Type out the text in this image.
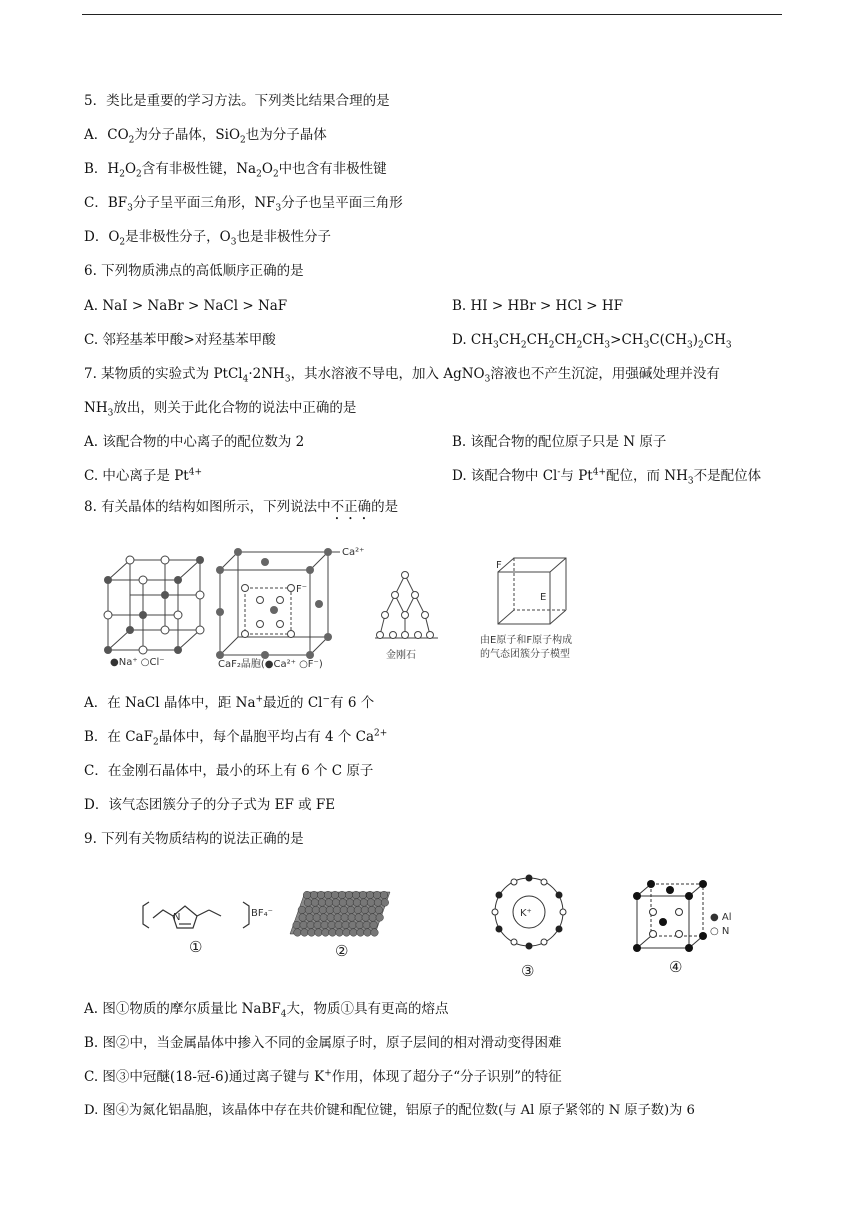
5．类比是重要的学习方法。下列类比结果合理的是
A．$CO_2$为分子晶体，SiO$_2$也为分子晶体
B．$H_2O_2$含有非极性键，$Na_2O_2$中也含有非极性键
C．$BF_3$分子呈平面三角形，$NF_3$分子也呈平面三角形
D．$O_2$是非极性分子，$O_3$也是非极性分子
6. 下列物质沸点的高低顺序正确的是
A. NaI > NaBr > NaCl > NaF	B. HI > HBr > HCl > HF
C. 邻羟基苯甲酸>对羟基苯甲酸	D. $CH_3CH_2CH_2CH_2CH_3>CH_3C(CH_3)_2CH_3$
7. 某物质的实验式为 $PtCl_4\cdot 2NH_3$，其水溶液不导电，加入 AgNO$_3$溶液也不产生沉淀，用强碱处理并没有
$NH_3$放出，则关于此化合物的说法中正确的是
A. 该配合物的中心离子的配位数为 2	B. 该配合物的配位原子只是 N 原子
C. 中心离子是 $Pt^{4+}$	D. 该配合物中 Cl-与 $Pt^{4+}$配位，而 $NH_3$不是配位体
8. 有关晶体的结构如图所示，下列说法中不正确的是
●Na⁺ ○Cl⁻
Ca²⁺
F⁻
CaF₂晶胞(●Ca²⁺ ○F⁻)
金刚石
F
E
由E原子和F原子构成
的气态团簇分子模型
A．在 NaCl 晶体中，距 Na+最近的 Cl−有 6 个
B．在 CaF$_2$晶体中，每个晶胞平均占有 4 个 $Ca^{2+}$
C．在金刚石晶体中，最小的环上有 6 个 C 原子
D．该气态团簇分子的分子式为 EF 或 FE
9. 下列有关物质结构的说法正确的是
N	BF₄⁻
①	②
K⁺
③
● Al
○ N
④
A. 图①物质的摩尔质量比 NaBF$_4$大，物质①具有更高的熔点
B. 图②中，当金属晶体中掺入不同的金属原子时，原子层间的相对滑动变得困难
C. 图③中冠醚(18-冠-6)通过离子键与 K+作用，体现了超分子“分子识别”的特征
D. 图④为氮化铝晶胞，该晶体中存在共价键和配位键，铝原子的配位数(与 Al 原子紧邻的 N 原子数)为 6
